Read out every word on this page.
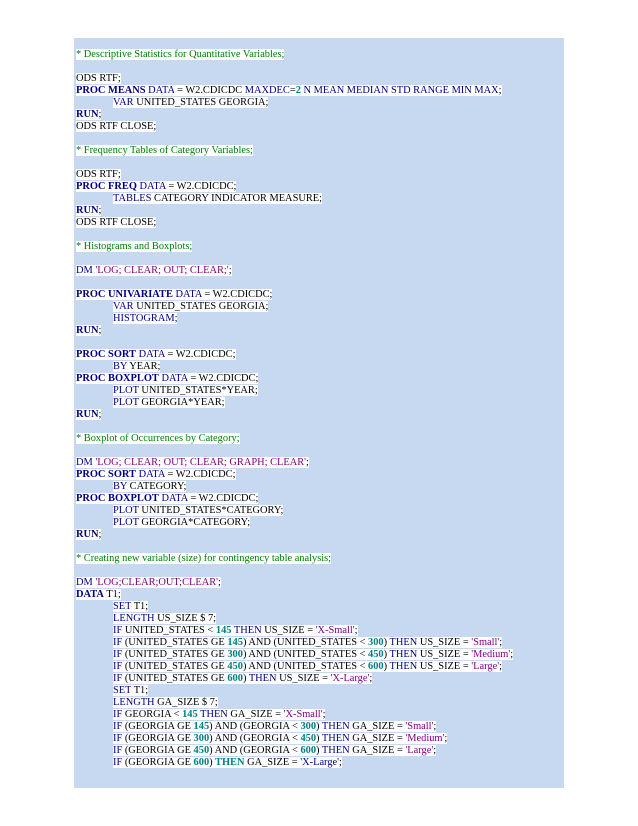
* Descriptive Statistics for Quantitative Variables;
ODS RTF;
PROC MEANS DATA = W2.CDICDC MAXDEC=2 N MEAN MEDIAN STD RANGE MIN MAX;
VAR UNITED_STATES GEORGIA;
RUN;
ODS RTF CLOSE;
* Frequency Tables of Category Variables;
ODS RTF;
PROC FREQ DATA = W2.CDICDC;
TABLES CATEGORY INDICATOR MEASURE;
RUN;
ODS RTF CLOSE;
* Histograms and Boxplots;
DM 'LOG; CLEAR; OUT; CLEAR;';
PROC UNIVARIATE DATA = W2.CDICDC;
VAR UNITED_STATES GEORGIA;
HISTOGRAM;
RUN;
PROC SORT DATA = W2.CDICDC;
BY YEAR;
PROC BOXPLOT DATA = W2.CDICDC;
PLOT UNITED_STATES*YEAR;
PLOT GEORGIA*YEAR;
RUN;
* Boxplot of Occurrences by Category;
DM 'LOG; CLEAR; OUT; CLEAR; GRAPH; CLEAR';
PROC SORT DATA = W2.CDICDC;
BY CATEGORY;
PROC BOXPLOT DATA = W2.CDICDC;
PLOT UNITED_STATES*CATEGORY;
PLOT GEORGIA*CATEGORY;
RUN;
* Creating new variable (size) for contingency table analysis;
DM 'LOG;CLEAR;OUT;CLEAR';
DATA T1;
SET T1;
LENGTH US_SIZE $ 7;
IF UNITED_STATES < 145 THEN US_SIZE = 'X-Small';
IF (UNITED_STATES GE 145) AND (UNITED_STATES < 300) THEN US_SIZE = 'Small';
IF (UNITED_STATES GE 300) AND (UNITED_STATES < 450) THEN US_SIZE = 'Medium';
IF (UNITED_STATES GE 450) AND (UNITED_STATES < 600) THEN US_SIZE = 'Large';
IF (UNITED_STATES GE 600) THEN US_SIZE = 'X-Large';
SET T1;
LENGTH GA_SIZE $ 7;
IF GEORGIA < 145 THEN GA_SIZE = 'X-Small';
IF (GEORGIA GE 145) AND (GEORGIA < 300) THEN GA_SIZE = 'Small';
IF (GEORGIA GE 300) AND (GEORGIA < 450) THEN GA_SIZE = 'Medium';
IF (GEORGIA GE 450) AND (GEORGIA < 600) THEN GA_SIZE = 'Large';
IF (GEORGIA GE 600) THEN GA_SIZE = 'X-Large';
